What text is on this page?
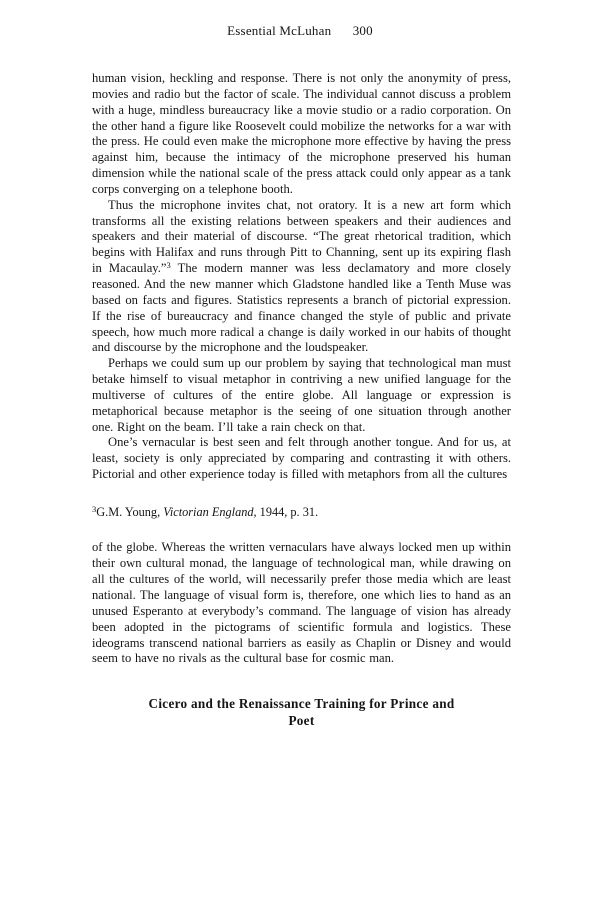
Essential McLuhan 300

human vision, heckling and response. There is not only the anonymity of press, movies and radio but the factor of scale. The individual cannot discuss a problem with a huge, mindless bureaucracy like a movie studio or a radio corporation. On the other hand a figure like Roosevelt could mobilize the networks for a war with the press. He could even make the microphone more effective by having the press against him, because the intimacy of the microphone preserved his human dimension while the national scale of the press attack could only appear as a tank corps converging on a telephone booth.

Thus the microphone invites chat, not oratory. It is a new art form which transforms all the existing relations between speakers and their audiences and speakers and their material of discourse. “The great rhetorical tradition, which begins with Halifax and runs through Pitt to Channing, sent up its expiring flash in Macaulay.”$^3$ The modern manner was less declamatory and more closely reasoned. And the new manner which Gladstone handled like a Tenth Muse was based on facts and figures. Statistics represents a branch of pictorial expression. If the rise of bureaucracy and finance changed the style of public and private speech, how much more radical a change is daily worked in our habits of thought and discourse by the microphone and the loudspeaker.

Perhaps we could sum up our problem by saying that technological man must betake himself to visual metaphor in contriving a new unified language for the multiverse of cultures of the entire globe. All language or expression is metaphorical because metaphor is the seeing of one situation through another one. Right on the beam. I’ll take a rain check on that.

One’s vernacular is best seen and felt through another tongue. And for us, at least, society is only appreciated by comparing and contrasting it with others. Pictorial and other experience today is filled with metaphors from all the cultures

$^3$G.M. Young, Victorian England, 1944, p. 31.

of the globe. Whereas the written vernaculars have always locked men up within their own cultural monad, the language of technological man, while drawing on all the cultures of the world, will necessarily prefer those media which are least national. The language of visual form is, therefore, one which lies to hand as an unused Esperanto at everybody’s command. The language of vision has already been adopted in the pictograms of scientific formula and logistics. These ideograms transcend national barriers as easily as Chaplin or Disney and would seem to have no rivals as the cultural base for cosmic man.

Cicero and the Renaissance Training for Prince and
Poet
